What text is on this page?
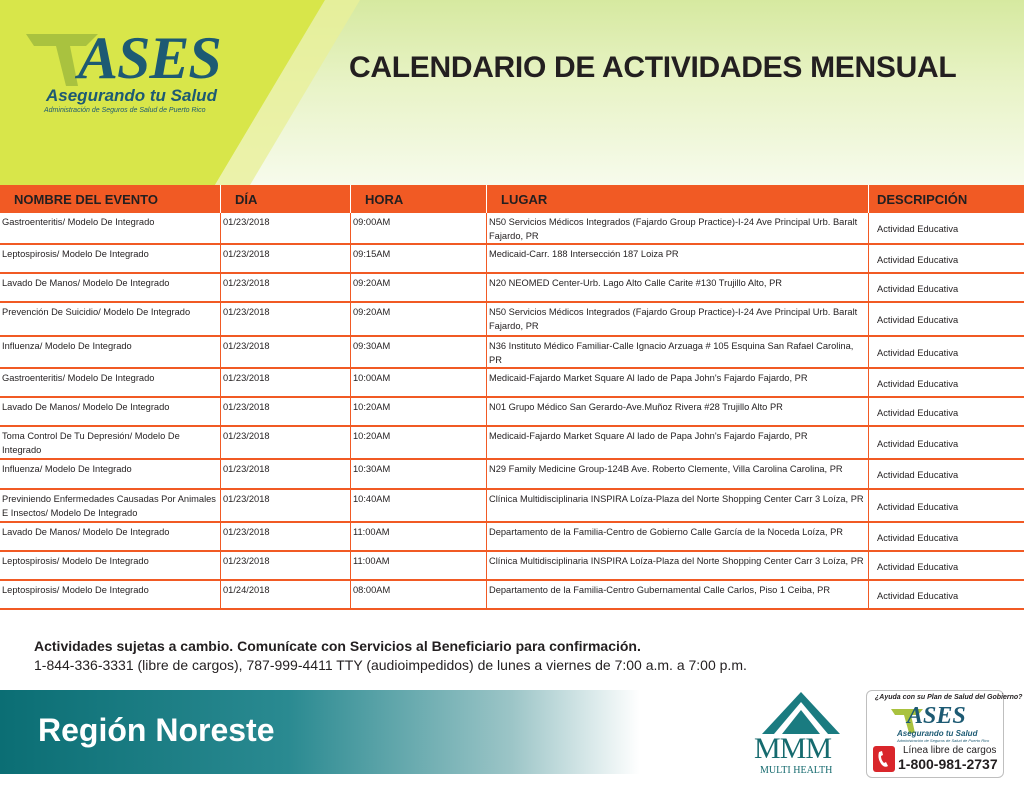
ASES
Asegurando tu Salud
Administración de Seguros de Salud de Puerto Rico
CALENDARIO DE ACTIVIDADES MENSUAL
NOMBRE DEL EVENTO	DÍA	HORA	LUGAR	DESCRIPCIÓN
Gastroenteritis/ Modelo De Integrado	01/23/2018	09:00AM	N50 Servicios Médicos Integrados (Fajardo Group Practice)-I-24 Ave Principal Urb. Baralt Fajardo, PR	Actividad Educativa
Leptospirosis/ Modelo De Integrado	01/23/2018	09:15AM	Medicaid-Carr. 188 Intersección 187 Loiza PR	Actividad Educativa
Lavado De Manos/ Modelo De Integrado	01/23/2018	09:20AM	N20 NEOMED Center-Urb. Lago Alto Calle Carite #130 Trujillo Alto, PR	Actividad Educativa
Prevención De Suicidio/ Modelo De Integrado	01/23/2018	09:20AM	N50 Servicios Médicos Integrados (Fajardo Group Practice)-I-24 Ave Principal Urb. Baralt Fajardo, PR	Actividad Educativa
Influenza/ Modelo De Integrado	01/23/2018	09:30AM	N36 Instituto Médico Familiar-Calle Ignacio Arzuaga # 105 Esquina San Rafael Carolina, PR	Actividad Educativa
Gastroenteritis/ Modelo De Integrado	01/23/2018	10:00AM	Medicaid-Fajardo Market Square Al lado de Papa John's Fajardo Fajardo, PR	Actividad Educativa
Lavado De Manos/ Modelo De Integrado	01/23/2018	10:20AM	N01 Grupo Médico San Gerardo-Ave.Muñoz Rivera #28 Trujillo Alto PR	Actividad Educativa
Toma Control De Tu Depresión/ Modelo De Integrado	01/23/2018	10:20AM	Medicaid-Fajardo Market Square Al lado de Papa John's Fajardo Fajardo, PR	Actividad Educativa
Influenza/ Modelo De Integrado	01/23/2018	10:30AM	N29 Family Medicine Group-124B Ave. Roberto Clemente, Villa Carolina Carolina, PR	Actividad Educativa
Previniendo Enfermedades Causadas Por Animales E Insectos/ Modelo De Integrado	01/23/2018	10:40AM	Clínica Multidisciplinaria INSPIRA Loíza-Plaza del Norte Shopping Center Carr 3 Loíza, PR	Actividad Educativa
Lavado De Manos/ Modelo De Integrado	01/23/2018	11:00AM	Departamento de la Familia-Centro de Gobierno Calle García de la Noceda Loíza, PR	Actividad Educativa
Leptospirosis/ Modelo De Integrado	01/23/2018	11:00AM	Clínica Multidisciplinaria INSPIRA Loíza-Plaza del Norte Shopping Center Carr 3 Loíza, PR	Actividad Educativa
Leptospirosis/ Modelo De Integrado	01/24/2018	08:00AM	Departamento de la Familia-Centro Gubernamental Calle Carlos, Piso 1 Ceiba, PR	Actividad Educativa
Actividades sujetas a cambio. Comunícate con Servicios al Beneficiario para confirmación.
1-844-336-3331 (libre de cargos), 787-999-4411 TTY (audioimpedidos) de lunes a viernes de 7:00 a.m. a 7:00 p.m.
Región Noreste
MMM
MULTI HEALTH
¿Ayuda con su Plan de Salud del Gobierno?
ASES
Asegurando tu Salud
Administración de Seguros de Salud de Puerto Rico
Línea libre de cargos
1-800-981-2737
